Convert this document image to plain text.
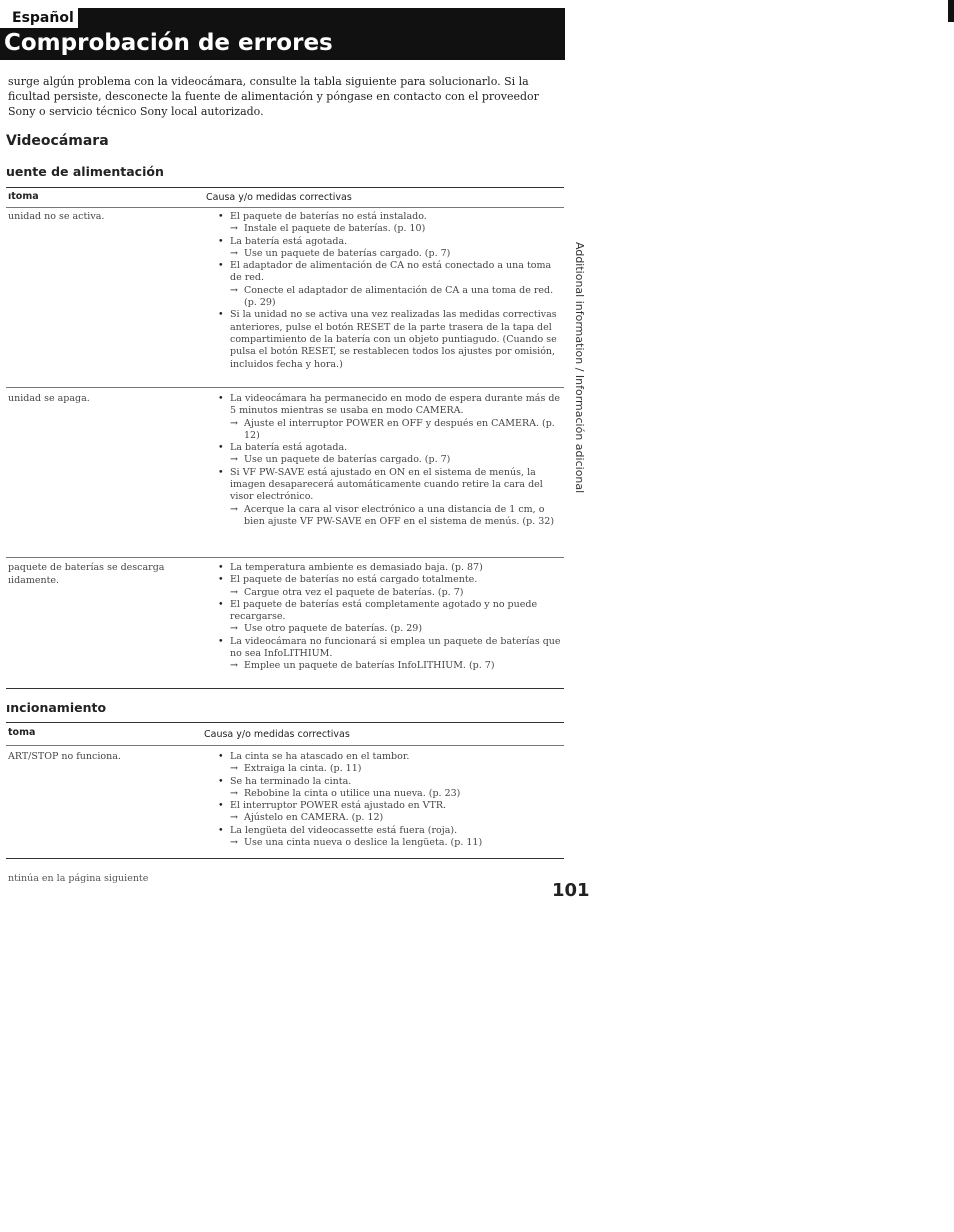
Español
Comprobación de errores
surge algún problema con la videocámara, consulte la tabla siguiente para solucionarlo. Si la ficultad persiste, desconecte la fuente de alimentación y póngase en contacto con el proveedor Sony o servicio técnico Sony local autorizado.
Videocámara
uente de alimentación
ıtoma	Causa y/o medidas correctivas
unidad no se activa.	• El paquete de baterías no está instalado.
→ Instale el paquete de baterías. (p. 10)
• La batería está agotada.
→ Use un paquete de baterías cargado. (p. 7)
• El adaptador de alimentación de CA no está conectado a una toma de red.
→ Conecte el adaptador de alimentación de CA a una toma de red. (p. 29)
• Si la unidad no se activa una vez realizadas las medidas correctivas anteriores, pulse el botón RESET de la parte trasera de la tapa del compartimiento de la batería con un objeto puntiagudo. (Cuando se pulsa el botón RESET, se restablecen todos los ajustes por omisión, incluidos fecha y hora.)
unidad se apaga.	• La videocámara ha permanecido en modo de espera durante más de 5 minutos mientras se usaba en modo CAMERA.
→ Ajuste el interruptor POWER en OFF y después en CAMERA. (p. 12)
• La batería está agotada.
→ Use un paquete de baterías cargado. (p. 7)
• Si VF PW-SAVE está ajustado en ON en el sistema de menús, la imagen desaparecerá automáticamente cuando retire la cara del visor electrónico.
→ Acerque la cara al visor electrónico a una distancia de 1 cm, o bien ajuste VF PW-SAVE en OFF en el sistema de menús. (p. 32)
paquete de baterías se descarga ıidamente.
• La temperatura ambiente es demasiado baja. (p. 87)
• El paquete de baterías no está cargado totalmente.
→ Cargue otra vez el paquete de baterías. (p. 7)
• El paquete de baterías está completamente agotado y no puede recargarse.
→ Use otro paquete de baterías. (p. 29)
• La videocámara no funcionará si emplea un paquete de baterías que no sea InfoLITHIUM.
→ Emplee un paquete de baterías InfoLITHIUM. (p. 7)
ıncionamiento
toma	Causa y/o medidas correctivas
ART/STOP no funciona.	• La cinta se ha atascado en el tambor.
→ Extraiga la cinta. (p. 11)
• Se ha terminado la cinta.
→ Rebobine la cinta o utilice una nueva. (p. 23)
• El interruptor POWER está ajustado en VTR.
→ Ajústelo en CAMERA. (p. 12)
• La lengüeta del videocassette está fuera (roja).
→ Use una cinta nueva o deslice la lengüeta. (p. 11)
Additional information / Información adicional
ntinúa en la página siguiente
101
